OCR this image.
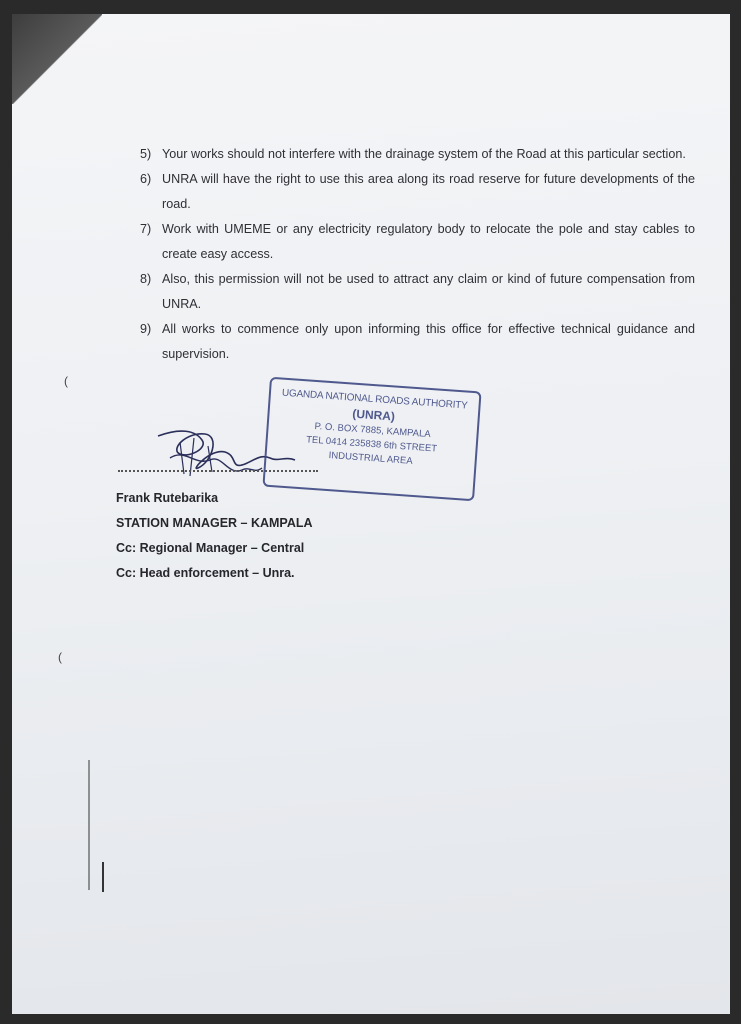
5) Your works should not interfere with the drainage system of the Road at this particular section.
6) UNRA will have the right to use this area along its road reserve for future developments of the road.
7) Work with UMEME or any electricity regulatory body to relocate the pole and stay cables to create easy access.
8) Also, this permission will not be used to attract any claim or kind of future compensation from UNRA.
9) All works to commence only upon informing this office for effective technical guidance and supervision.
UGANDA NATIONAL ROADS AUTHORITY
(UNRA)
P. O. BOX 7885, KAMPALA
TEL 0414 235838 6th STREET
INDUSTRIAL AREA
Frank Rutebarika
STATION MANAGER – KAMPALA
Cc: Regional Manager – Central
Cc: Head enforcement – Unra.
(
(
